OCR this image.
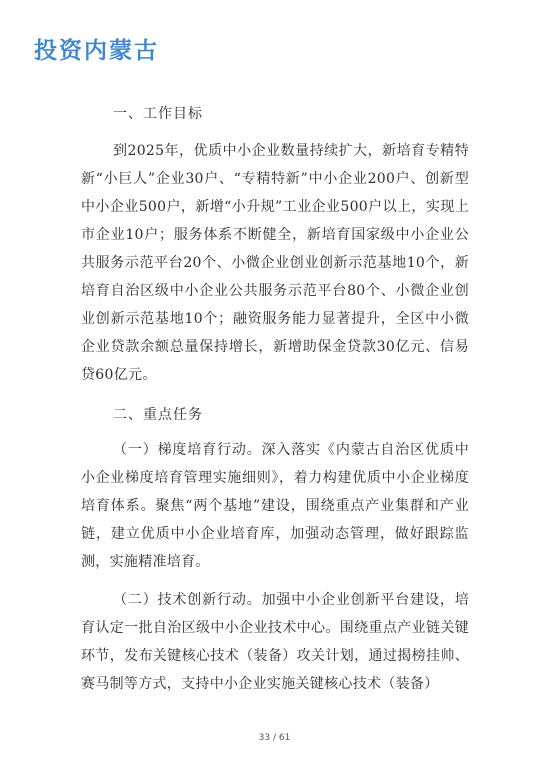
投资内蒙古
一、工作目标

到2025年，优质中小企业数量持续扩大，新培育专精特新“小巨人”企业30户、“专精特新”中小企业200户、创新型中小企业500户，新增“小升规”工业企业500户以上，实现上市企业10户；服务体系不断健全，新培育国家级中小企业公共服务示范平台20个、小微企业创业创新示范基地10个，新培育自治区级中小企业公共服务示范平台80个、小微企业创业创新示范基地10个；融资服务能力显著提升，全区中小微企业贷款余额总量保持增长，新增助保金贷款30亿元、信易贷60亿元。

二、重点任务

（一）梯度培育行动。深入落实《内蒙古自治区优质中小企业梯度培育管理实施细则》，着力构建优质中小企业梯度培育体系。聚焦“两个基地”建设，围绕重点产业集群和产业链，建立优质中小企业培育库，加强动态管理，做好跟踪监测，实施精准培育。

（二）技术创新行动。加强中小企业创新平台建设，培育认定一批自治区级中小企业技术中心。围绕重点产业链关键环节，发布关键核心技术（装备）攻关计划，通过揭榜挂帅、赛马制等方式，支持中小企业实施关键核心技术（装备）

33 / 61
